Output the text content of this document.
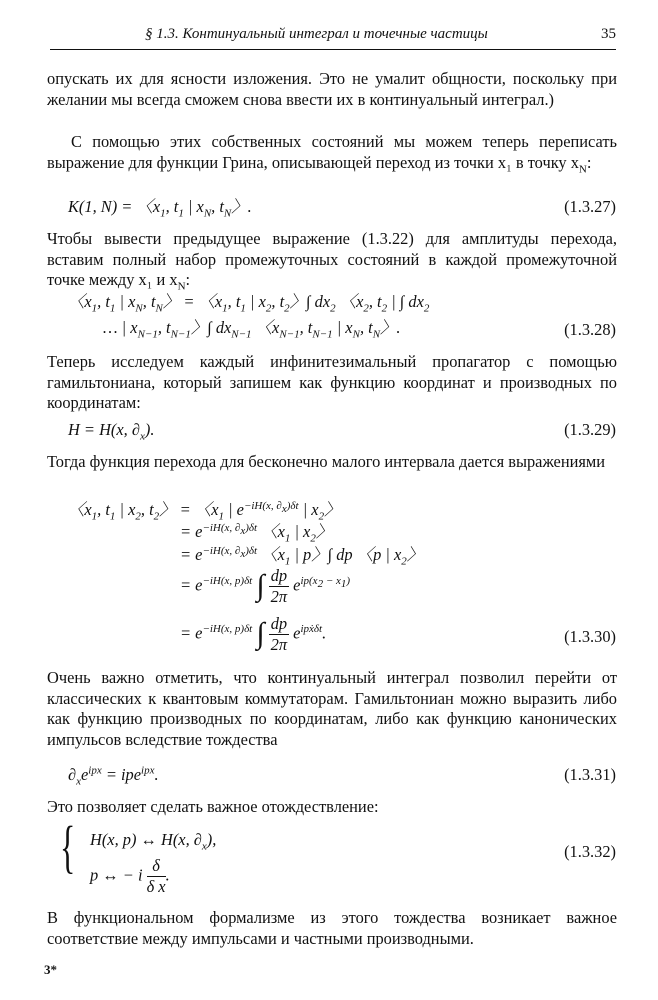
§ 1.3. Континуальный интеграл и точечные частицы	35

опускать их для ясности изложения. Это не умалит общности, поскольку при желании мы всегда сможем снова ввести их в континуальный интеграл.)

С помощью этих собственных состояний мы можем теперь переписать выражение для функции Грина, описывающей переход из точки x₁ в точку $x_N$:

K(1, N) = 〈$x_1$, $t_1$ | $x_N$, $t_N$〉.	(1.3.27)

Чтобы вывести предыдущее выражение (1.3.22) для амплитуды перехода, вставим полный набор промежуточных состояний в каждой промежуточной точке между x₁ и $x_N$:

〈$x_1$, $t_1$ | $x_N$, $t_N$〉 = 〈$x_1$, $t_1$ | $x_2$, $t_2$〉∫ $dx_2$ 〈$x_2$, $t_2$ | ∫ $dx_2$
… | $x_{N-1}$, $t_{N-1}$〉∫ $dx_{N-1}$ 〈$x_{N-1}$, $t_{N-1}$ | $x_N$, $t_N$〉.	(1.3.28)

Теперь исследуем каждый инфинитезимальный пропагатор с помощью гамильтониана, который запишем как функцию координат и производных по координатам:

H = H(x, $\partial_x$).	(1.3.29)

Тогда функция перехода для бесконечно малого интервала дается выражениями

〈$x_1$, $t_1$ | $x_2$, $t_2$〉 = 〈$x_1$ | $e^{-iH(x, \partial_x)\delta t}$ | $x_2$〉
= $e^{-iH(x, \partial_x)\delta t}$ 〈$x_1$ | $x_2$〉
= $e^{-iH(x, \partial_x)\delta t}$ 〈$x_1$ | p〉∫ dp 〈p | $x_2$〉
= $e^{-iH(x, p)\delta t}$ ∫ $\frac{dp}{2\pi} e^{ip(x_2 - x_1)}$
= $e^{-iH(x, p)\delta t}$ ∫ $\frac{dp}{2\pi} e^{ipẋ\delta t}$.	(1.3.30)

Очень важно отметить, что континуальный интеграл позволил перейти от классических к квантовым коммутаторам. Гамильтониан можно выразить либо как функцию производных по координатам, либо как функцию канонических импульсов вследствие тождества

$\partial_xe^{ipx} = ipe^{ipx}$.	(1.3.31)

Это позволяет сделать важное отождествление:

{ H(x, p) ↔ H(x, $\partial_x$),
p ↔ − i $\frac{\delta}{\text{δ x}}$ .
(1.3.32)

В функциональном формализме из этого тождества возникает важное соответствие между импульсами и частными производными.

3*
